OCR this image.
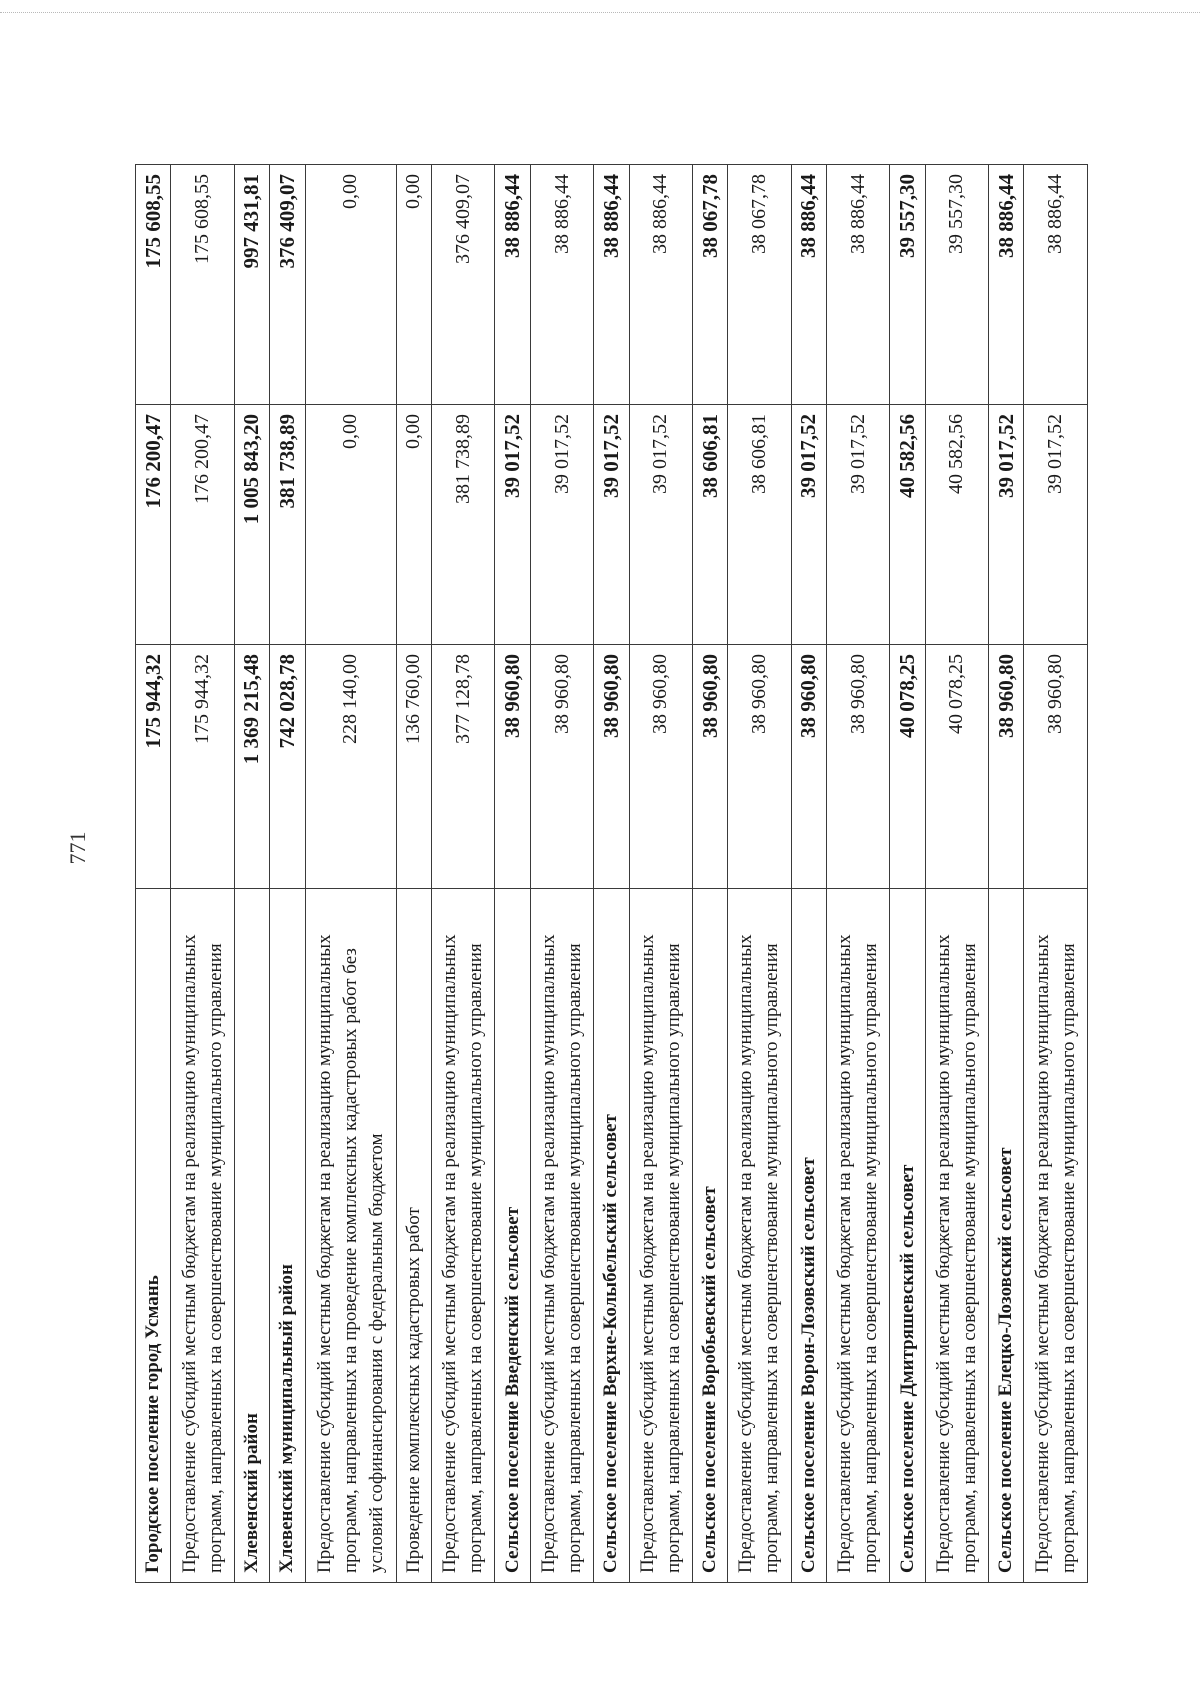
771
Городское поселение город Усмань	175 944,32	176 200,47	175 608,55
Предоставление субсидий местным бюджетам на реализацию муниципальных программ, направленных на совершенствование муниципального управления	175 944,32	176 200,47	175 608,55
Хлевенский район	1 369 215,48	1 005 843,20	997 431,81
Хлевенский муниципальный район	742 028,78	381 738,89	376 409,07
Предоставление субсидий местным бюджетам на реализацию муниципальных программ, направленных на проведение комплексных кадастровых работ без условий софинансирования с федеральным бюджетом	228 140,00	0,00	0,00
Проведение комплексных кадастровых работ	136 760,00	0,00	0,00
Предоставление субсидий местным бюджетам на реализацию муниципальных программ, направленных на совершенствование муниципального управления	377 128,78	381 738,89	376 409,07
Сельское поселение Введенский сельсовет	38 960,80	39 017,52	38 886,44
Предоставление субсидий местным бюджетам на реализацию муниципальных программ, направленных на совершенствование муниципального управления	38 960,80	39 017,52	38 886,44
Сельское поселение Верхне-Колыбельский сельсовет	38 960,80	39 017,52	38 886,44
Предоставление субсидий местным бюджетам на реализацию муниципальных программ, направленных на совершенствование муниципального управления	38 960,80	39 017,52	38 886,44
Сельское поселение Воробьевский сельсовет	38 960,80	38 606,81	38 067,78
Предоставление субсидий местным бюджетам на реализацию муниципальных программ, направленных на совершенствование муниципального управления	38 960,80	38 606,81	38 067,78
Сельское поселение Ворон-Лозовский сельсовет	38 960,80	39 017,52	38 886,44
Предоставление субсидий местным бюджетам на реализацию муниципальных программ, направленных на совершенствование муниципального управления	38 960,80	39 017,52	38 886,44
Сельское поселение Дмитряшевский сельсовет	40 078,25	40 582,56	39 557,30
Предоставление субсидий местным бюджетам на реализацию муниципальных программ, направленных на совершенствование муниципального управления	40 078,25	40 582,56	39 557,30
Сельское поселение Елецко-Лозовский сельсовет	38 960,80	39 017,52	38 886,44
Предоставление субсидий местным бюджетам на реализацию муниципальных программ, направленных на совершенствование муниципального управления	38 960,80	39 017,52	38 886,44
